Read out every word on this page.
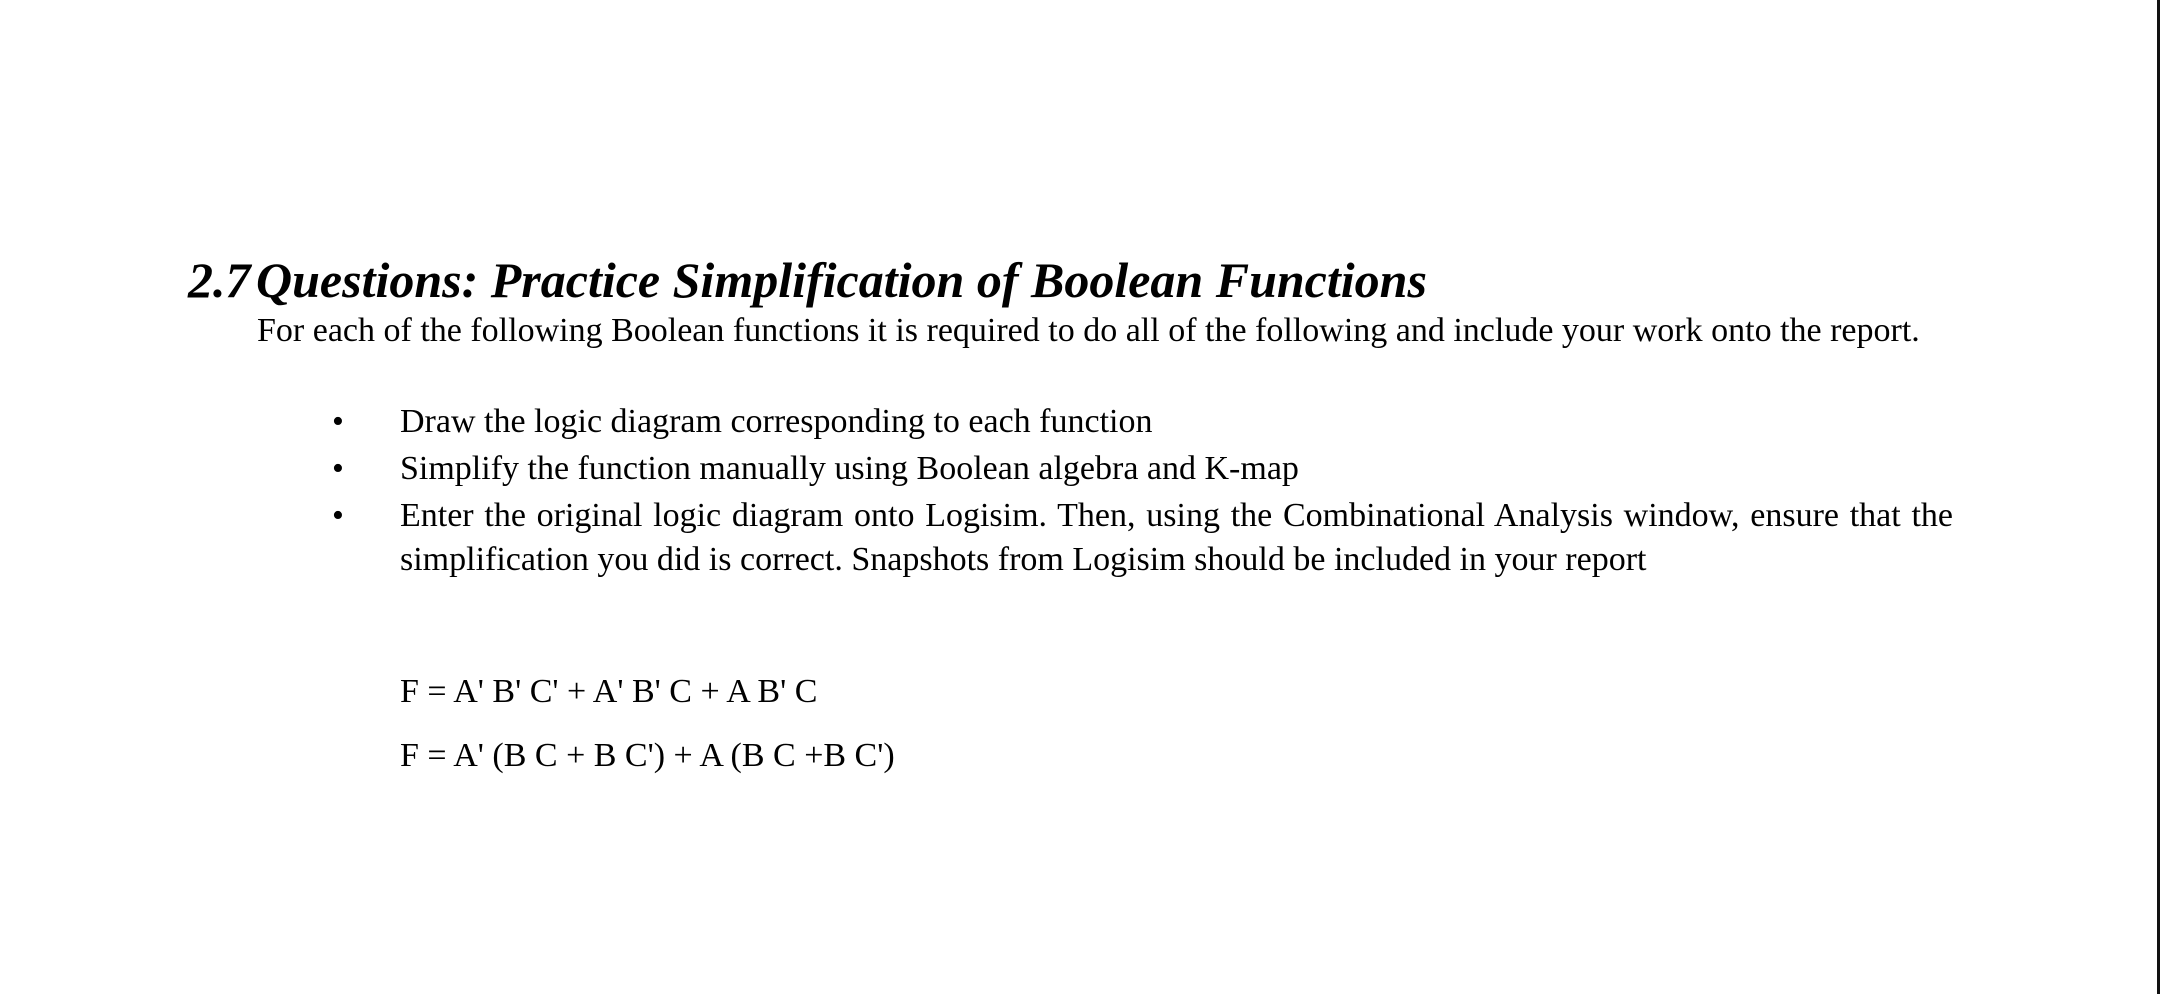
2.7 Questions: Practice Simplification of Boolean Functions

For each of the following Boolean functions it is required to do all of the following and include your work onto the report.

•	Draw the logic diagram corresponding to each function
•	Simplify the function manually using Boolean algebra and K-map
•	Enter the original logic diagram onto Logisim. Then, using the Combinational Analysis window, ensure that the simplification you did is correct. Snapshots from Logisim should be included in your report

F = A' B' C' + A' B' C + A B' C

F = A' (B C + B C') + A (B C +B C')
